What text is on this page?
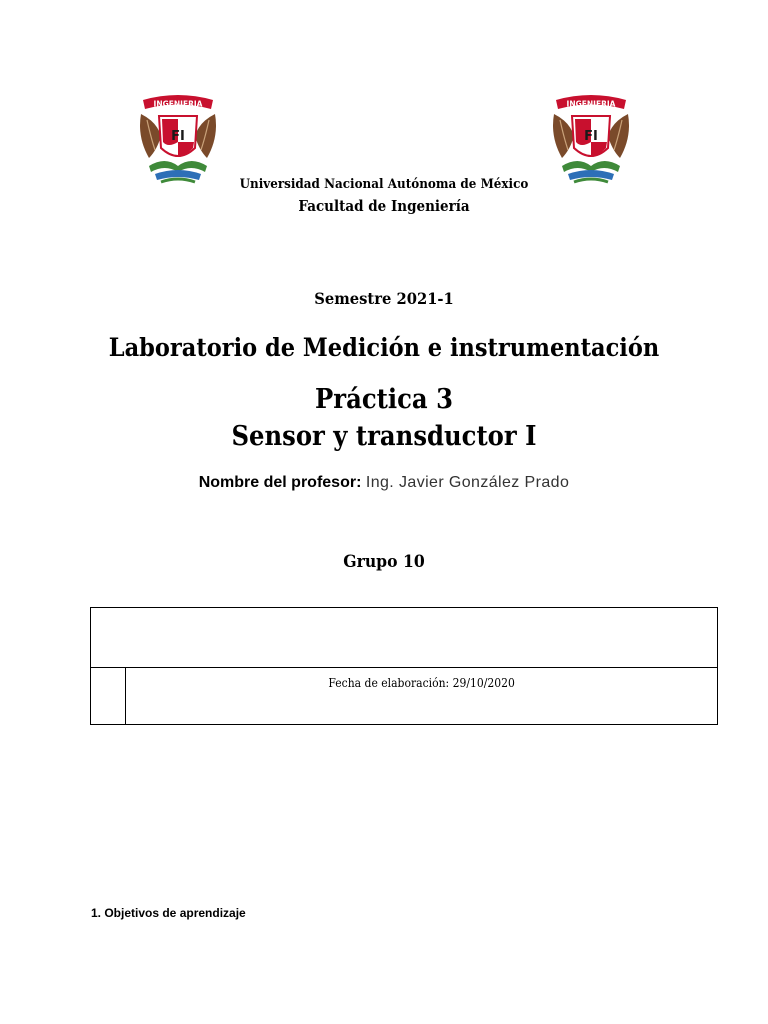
INGENIERIA
FI
INGENIERIA
FI
Universidad Nacional Autónoma de México
Facultad de Ingeniería
Semestre 2021-1
Laboratorio de Medición e instrumentación
Práctica 3
Sensor y transductor I
Nombre del profesor: Ing. Javier González Prado
Grupo 10
Fecha de elaboración: 29/10/2020
1. Objetivos de aprendizaje
